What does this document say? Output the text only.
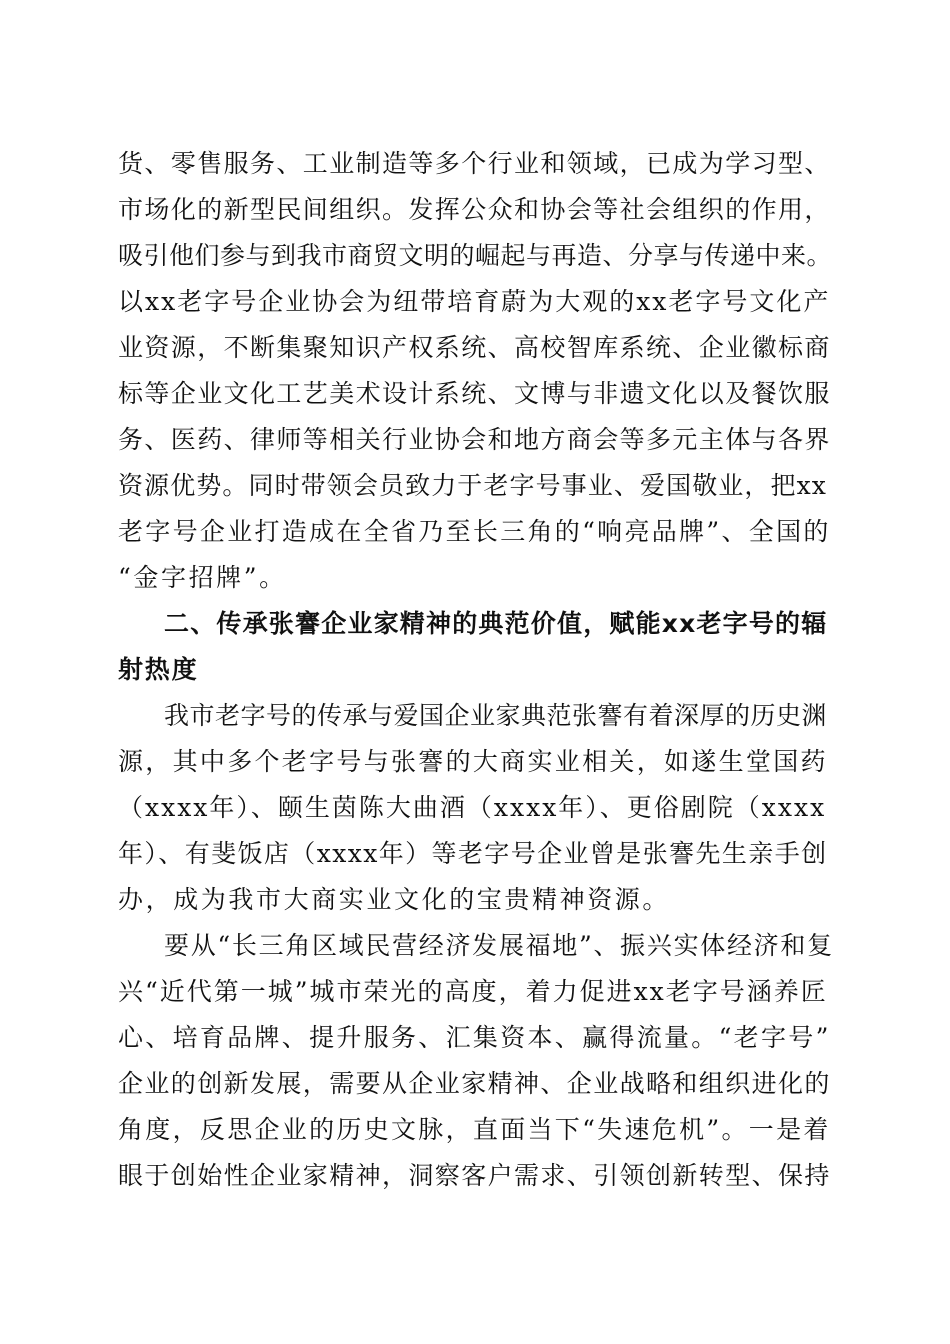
货、零售服务、工业制造等多个行业和领域，已成为学习型、
市场化的新型民间组织。发挥公众和协会等社会组织的作用，
吸引他们参与到我市商贸文明的崛起与再造、分享与传递中来。
以xx老字号企业协会为纽带培育蔚为大观的xx老字号文化产
业资源，不断集聚知识产权系统、高校智库系统、企业徽标商
标等企业文化工艺美术设计系统、文博与非遗文化以及餐饮服
务、医药、律师等相关行业协会和地方商会等多元主体与各界
资源优势。同时带领会员致力于老字号事业、爱国敬业，把xx
老字号企业打造成在全省乃至长三角的“响亮品牌”、全国的
“金字招牌”。
二、传承张謇企业家精神的典范价值，赋能xx老字号的辐
射热度
我市老字号的传承与爱国企业家典范张謇有着深厚的历史渊
源，其中多个老字号与张謇的大商实业相关，如遂生堂国药
（xxxx年）、颐生茵陈大曲酒（xxxx年）、更俗剧院（xxxx
年）、有斐饭店（xxxx年）等老字号企业曾是张謇先生亲手创
办，成为我市大商实业文化的宝贵精神资源。
要从“长三角区域民营经济发展福地”、振兴实体经济和复
兴“近代第一城”城市荣光的高度，着力促进xx老字号涵养匠
心、培育品牌、提升服务、汇集资本、赢得流量。“老字号”
企业的创新发展，需要从企业家精神、企业战略和组织进化的
角度，反思企业的历史文脉，直面当下“失速危机”。一是着
眼于创始性企业家精神，洞察客户需求、引领创新转型、保持
